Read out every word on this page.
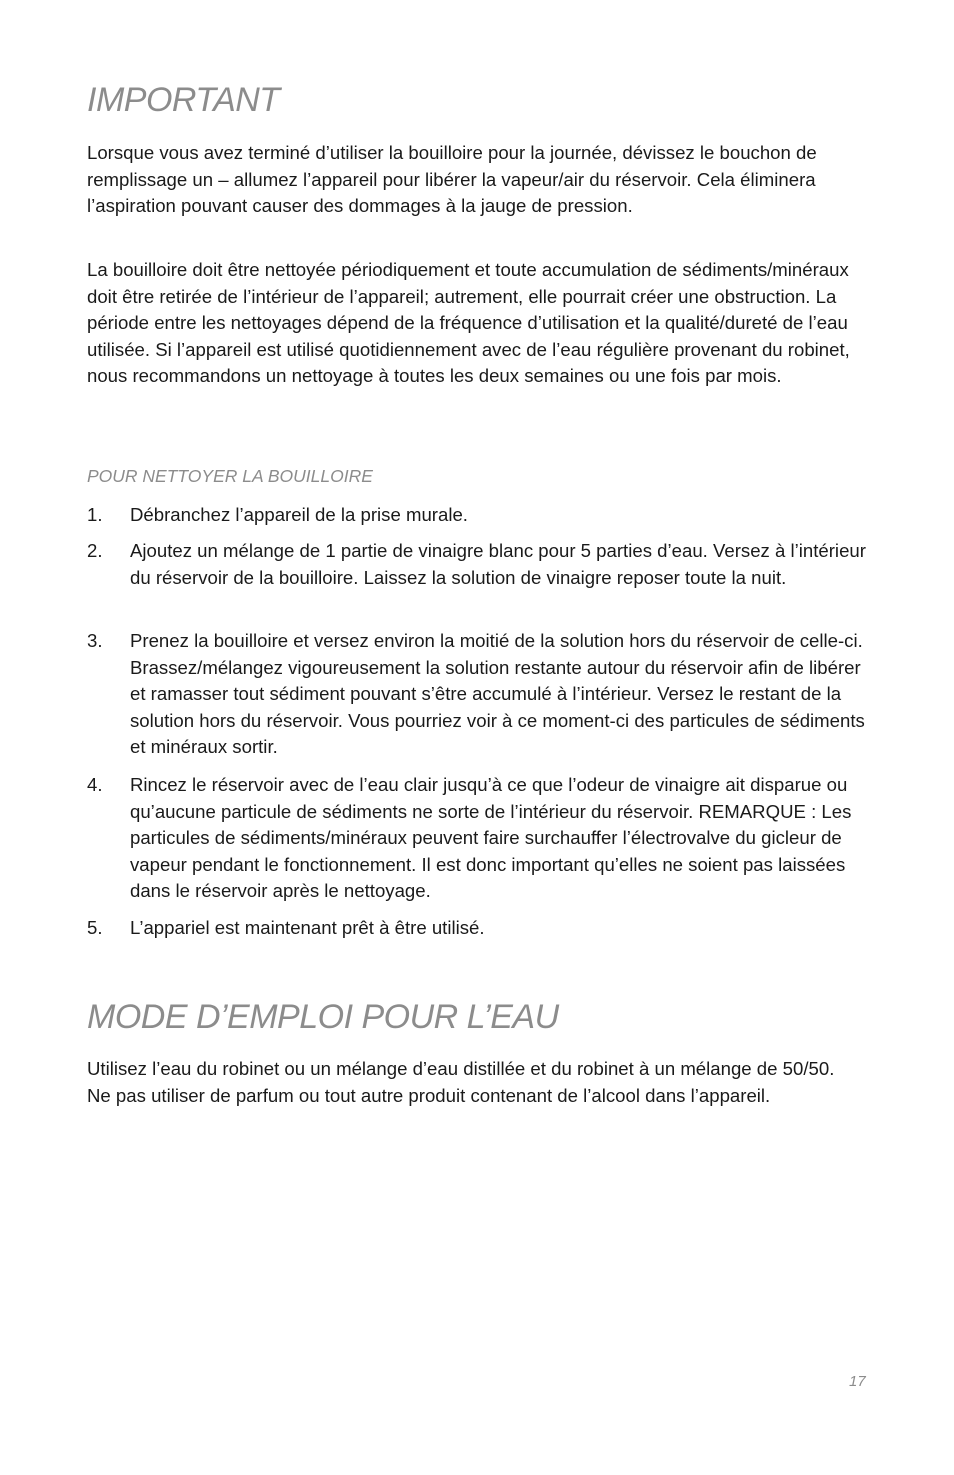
IMPORTANT

Lorsque vous avez terminé d’utiliser la bouilloire pour la journée, dévissez le bouchon de remplissage un – allumez l’appareil pour libérer la vapeur/air du réservoir. Cela éliminera l’aspiration pouvant causer des dommages à la jauge de pression.

La bouilloire doit être nettoyée périodiquement et toute accumulation de sédiments/minéraux doit être retirée de l’intérieur de l’appareil; autrement, elle pourrait créer une obstruction. La période entre les nettoyages dépend de la fréquence d’utilisation et la qualité/dureté de l’eau utilisée. Si l’appareil est utilisé quotidiennement avec de l’eau régulière provenant du robinet, nous recommandons un nettoyage à toutes les deux semaines ou une fois par mois.

POUR NETTOYER LA BOUILLOIRE
1.	Débranchez l’appareil de la prise murale.
2.	Ajoutez un mélange de 1 partie de vinaigre blanc pour 5 parties d’eau. Versez à l’intérieur du réservoir de la bouilloire. Laissez la solution de vinaigre reposer toute la nuit.
3.	Prenez la bouilloire et versez environ la moitié de la solution hors du réservoir de celle-ci. Brassez/mélangez vigoureusement la solution restante autour du réservoir afin de libérer et ramasser tout sédiment pouvant s’être accumulé à l’intérieur. Versez le restant de la solution hors du réservoir. Vous pourriez voir à ce moment-ci des particules de sédiments et minéraux sortir.
4.	Rincez le réservoir avec de l’eau clair jusqu’à ce que l’odeur de vinaigre ait disparue ou qu’aucune particule de sédiments ne sorte de l’intérieur du réservoir. REMARQUE : Les particules de sédiments/minéraux peuvent faire surchauffer l’électrovalve du gicleur de vapeur pendant le fonctionnement. Il est donc important qu’elles ne soient pas laissées dans le réservoir après le nettoyage.
5.	L’appariel est maintenant prêt à être utilisé.
MODE D’EMPLOI POUR L’EAU

Utilisez l’eau du robinet ou un mélange d’eau distillée et du robinet à un mélange de 50/50. Ne pas utiliser de parfum ou tout autre produit contenant de l’alcool dans l’appareil.

17
